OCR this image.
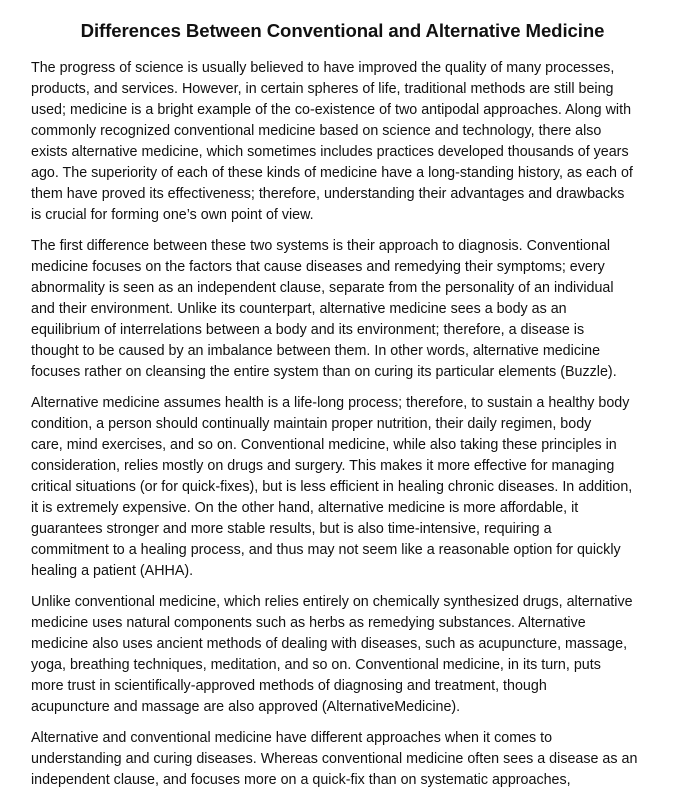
Differences Between Conventional and Alternative Medicine

The progress of science is usually believed to have improved the quality of many processes,
products, and services. However, in certain spheres of life, traditional methods are still being
used; medicine is a bright example of the co-existence of two antipodal approaches. Along with
commonly recognized conventional medicine based on science and technology, there also
exists alternative medicine, which sometimes includes practices developed thousands of years
ago. The superiority of each of these kinds of medicine have a long-standing history, as each of
them have proved its effectiveness; therefore, understanding their advantages and drawbacks
is crucial for forming one’s own point of view.

The first difference between these two systems is their approach to diagnosis. Conventional
medicine focuses on the factors that cause diseases and remedying their symptoms; every
abnormality is seen as an independent clause, separate from the personality of an individual
and their environment. Unlike its counterpart, alternative medicine sees a body as an
equilibrium of interrelations between a body and its environment; therefore, a disease is
thought to be caused by an imbalance between them. In other words, alternative medicine
focuses rather on cleansing the entire system than on curing its particular elements (Buzzle).

Alternative medicine assumes health is a life-long process; therefore, to sustain a healthy body
condition, a person should continually maintain proper nutrition, their daily regimen, body
care, mind exercises, and so on. Conventional medicine, while also taking these principles in
consideration, relies mostly on drugs and surgery. This makes it more effective for managing
critical situations (or for quick-fixes), but is less efficient in healing chronic diseases. In addition,
it is extremely expensive. On the other hand, alternative medicine is more affordable, it
guarantees stronger and more stable results, but is also time-intensive, requiring a
commitment to a healing process, and thus may not seem like a reasonable option for quickly
healing a patient (AHHA).

Unlike conventional medicine, which relies entirely on chemically synthesized drugs, alternative
medicine uses natural components such as herbs as remedying substances. Alternative
medicine also uses ancient methods of dealing with diseases, such as acupuncture, massage,
yoga, breathing techniques, meditation, and so on. Conventional medicine, in its turn, puts
more trust in scientifically-approved methods of diagnosing and treatment, though
acupuncture and massage are also approved (AlternativeMedicine).

Alternative and conventional medicine have different approaches when it comes to
understanding and curing diseases. Whereas conventional medicine often sees a disease as an
independent clause, and focuses more on a quick-fix than on systematic approaches,
